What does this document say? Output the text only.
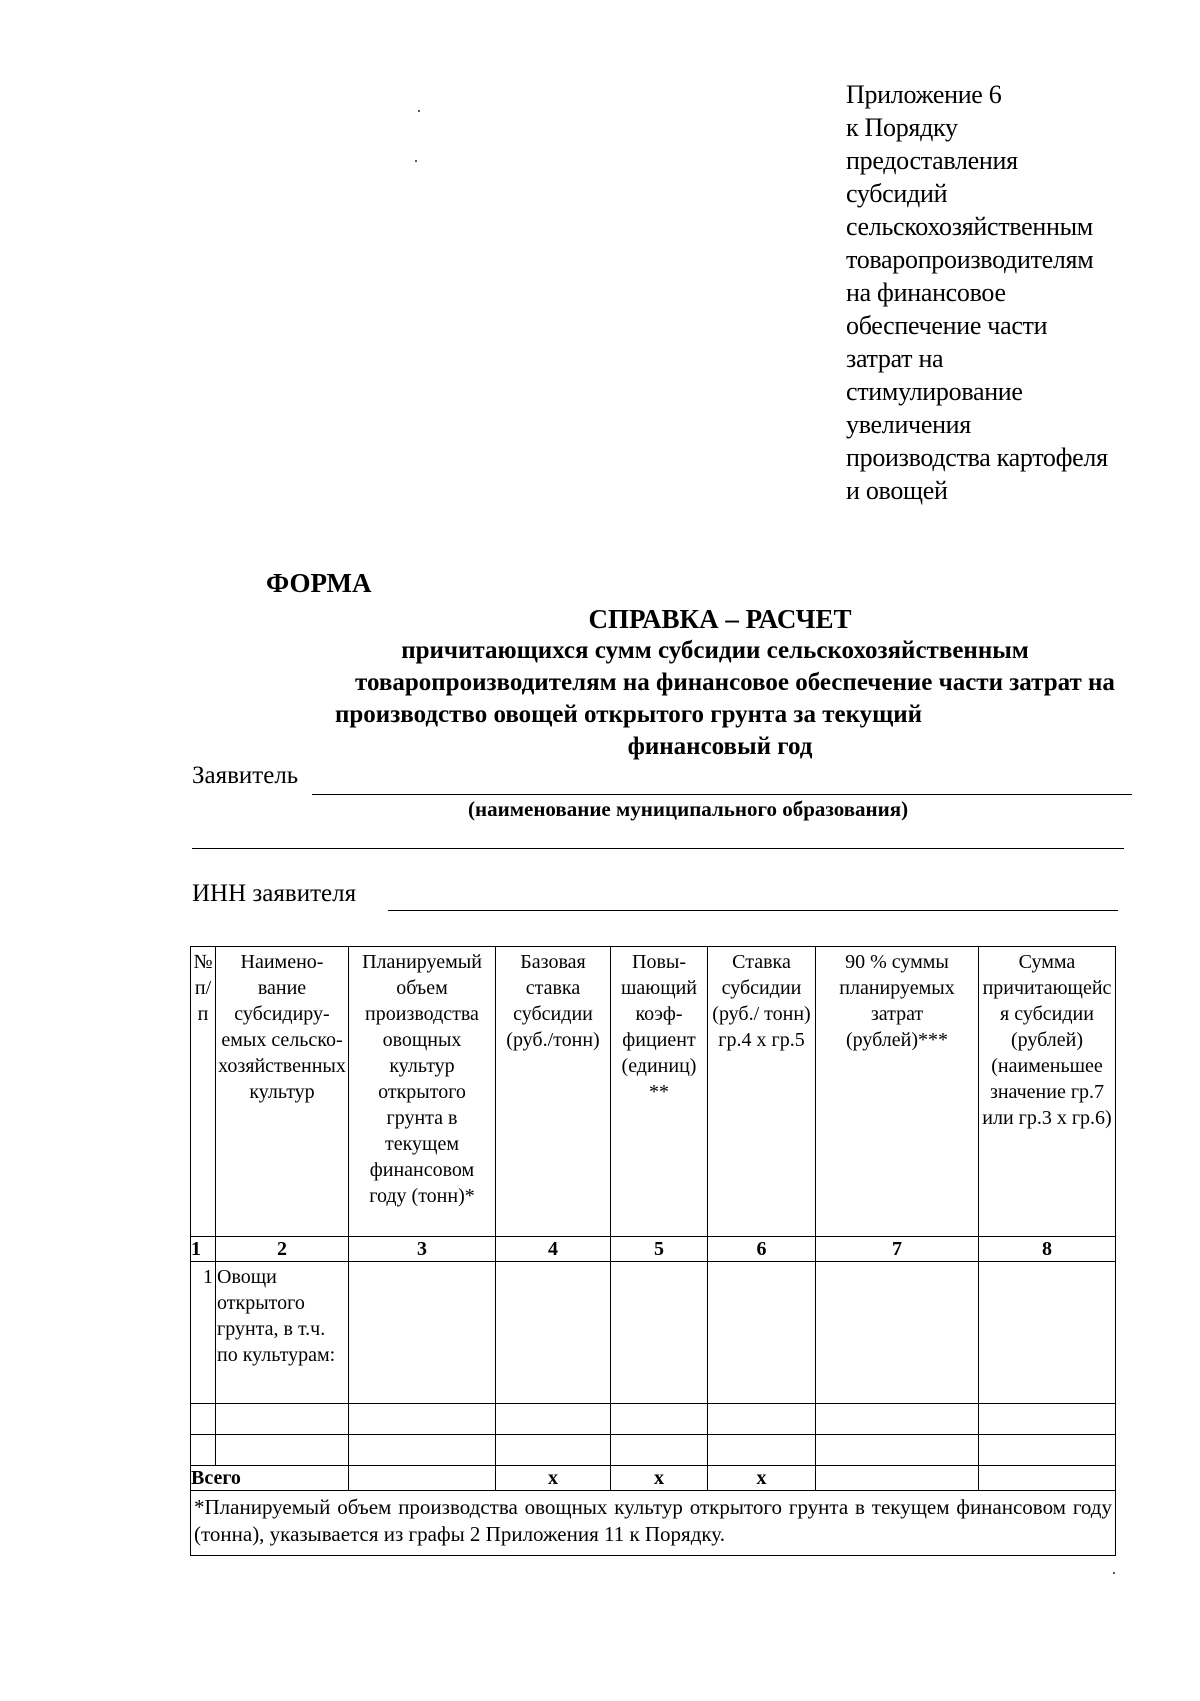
Приложение 6
к Порядку
предоставления
субсидий
сельскохозяйственным
товаропроизводителям
на финансовое
обеспечение части
затрат на
стимулирование
увеличения
производства картофеля
и овощей
ФОРМА
СПРАВКА – РАСЧЕТ
причитающихся сумм субсидии сельскохозяйственным
товаропроизводителям на финансовое обеспечение части затрат на
производство овощей открытого грунта за текущий
финансовый год
Заявитель
(наименование муниципального образования)
ИНН заявителя
№ п/п	Наимено-вание субсидиру-емых сельско-хозяйственных культур	Планируемый объем производства овощных культур открытого грунта в текущем финансовом году (тонн)*	Базовая ставка субсидии (руб./тонн)	Повы-шающий коэф-фициент (единиц) **	Ставка субсидии (руб./ тонн) гр.4 х гр.5	90 % суммы планируемых затрат (рублей)***	Сумма причитающейся субсидии (рублей) (наименьшее значение гр.7 или гр.3 х гр.6)
1	2	3	4	5	6	7	8
1	Овощи открытого грунта, в т.ч. по культурам:						

Всего			х	х	х		
*Планируемый объем производства овощных культур открытого грунта в текущем финансовом году (тонна), указывается из графы 2 Приложения 11 к Порядку.							
